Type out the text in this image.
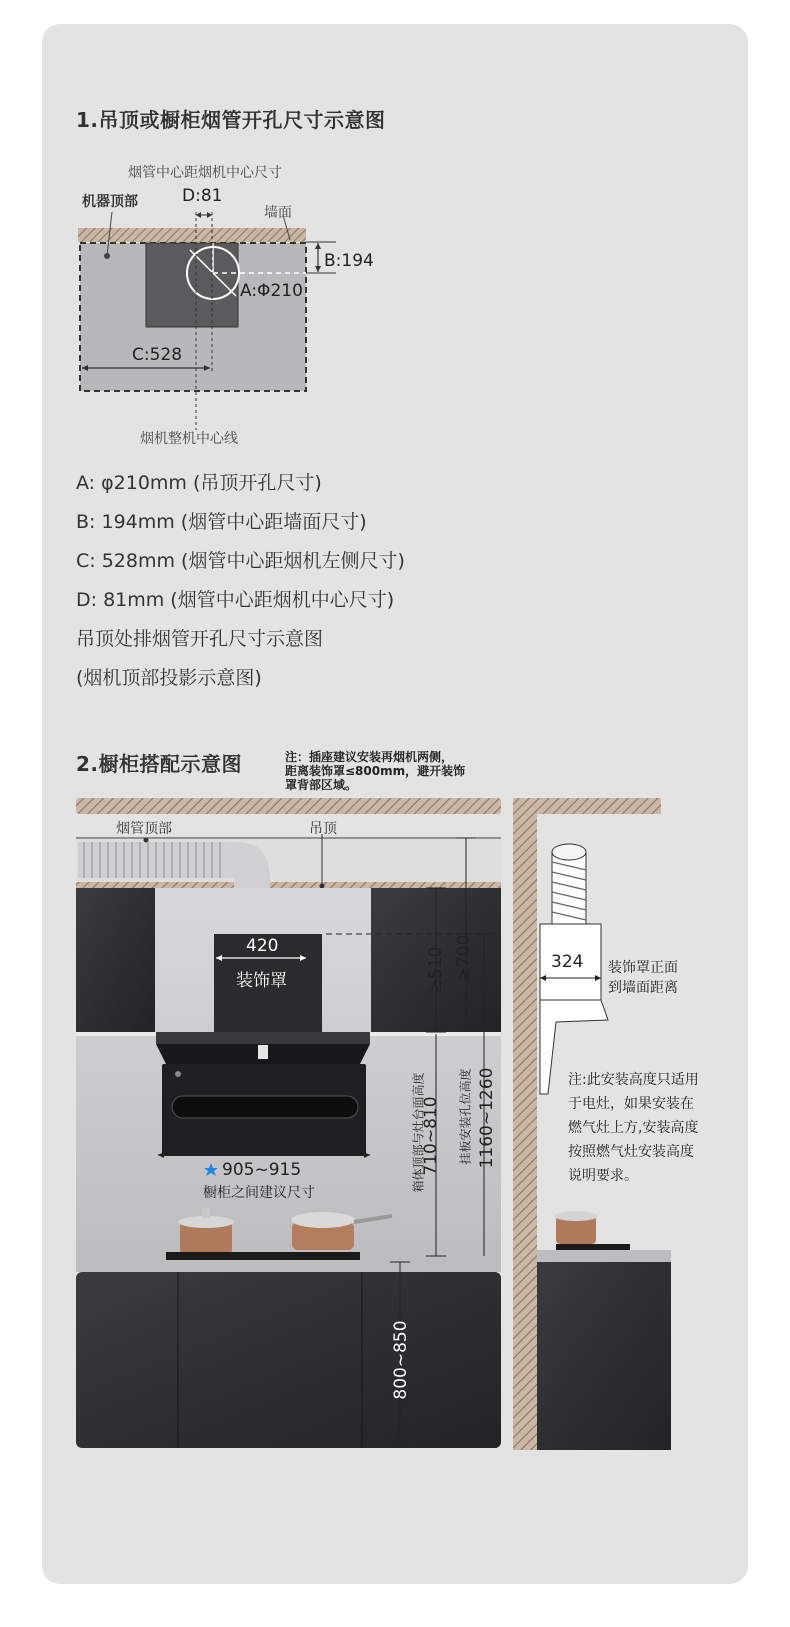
1.吊顶或橱柜烟管开孔尺寸示意图
烟管中心距烟机中心尺寸
机器顶部	D:81
墙面
B:194
A:Φ210
C:528
烟机整机中心线
A: φ210mm (吊顶开孔尺寸)
B: 194mm (烟管中心距墙面尺寸)
C: 528mm (烟管中心距烟机左侧尺寸)
D: 81mm (烟管中心距烟机中心尺寸)
吊顶处排烟管开孔尺寸示意图
(烟机顶部投影示意图)
2.橱柜搭配示意图	注：插座建议安装再烟机两侧，
距离装饰罩≤800mm，避开装饰
罩背部区域。
烟管顶部	吊顶
420
装饰罩
905~915
橱柜之间建议尺寸
≥510 ≥700
箱体顶部与灶台面高度
710~810 挂板安装孔位高度 1160~1260
800~850
324 装饰罩正面
到墙面距离
注:此安装高度只适用
于电灶，如果安装在
燃气灶上方,安装高度
按照燃气灶安装高度
说明要求。
